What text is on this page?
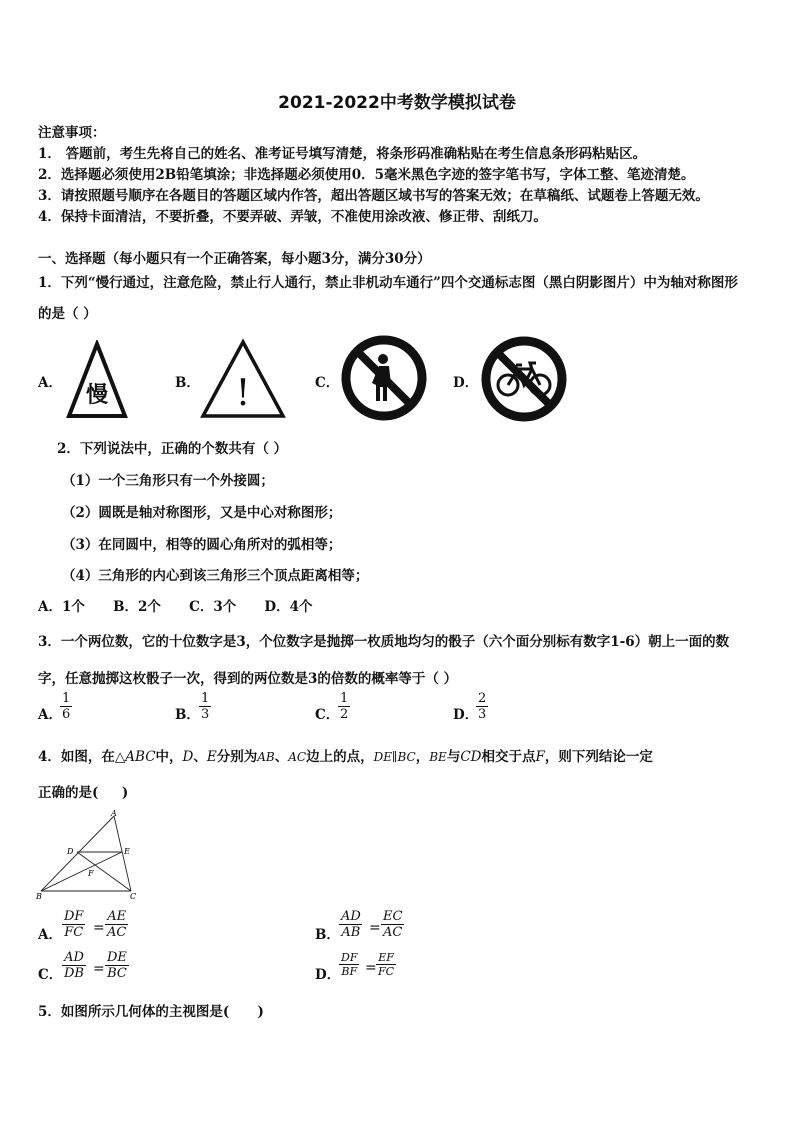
2021-2022中考数学模拟试卷
注意事项：
1． 答题前，考生先将自己的姓名、准考证号填写清楚，将条形码准确粘贴在考生信息条形码粘贴区。
2．选择题必须使用2B铅笔填涂；非选择题必须使用0．5毫米黑色字迹的签字笔书写，字体工整、笔迹清楚。
3．请按照题号顺序在各题目的答题区域内作答，超出答题区域书写的答案无效；在草稿纸、试题卷上答题无效。
4．保持卡面清洁，不要折叠，不要弄破、弄皱，不准使用涂改液、修正带、刮纸刀。
一、选择题（每小题只有一个正确答案，每小题3分，满分30分）
1．下列“慢行通过，注意危险，禁止行人通行，禁止非机动车通行”四个交通标志图（黑白阴影图片）中为轴对称图形
的是（ ）
A． 慢	B． !	C．	D．
2．下列说法中，正确的个数共有（ ）
（1）一个三角形只有一个外接圆；
（2）圆既是轴对称图形，又是中心对称图形；
（3）在同圆中，相等的圆心角所对的弧相等；
（4）三角形的内心到该三角形三个顶点距离相等；
A．1个      B．2个      C．3个      D．4个
3．一个两位数，它的十位数字是3，个位数字是抛掷一枚质地均匀的骰子（六个面分别标有数字1-6）朝上一面的数
字，任意抛掷这枚骰子一次，得到的两位数是3的倍数的概率等于（ ）
A．
$\frac{1}{6}$	B． $\frac{1}{3}$	C．
$\frac{1}{2}$	D．
$\frac{2}{3}$
4．如图，在△ABC中，D、E分别为AB、AC边上的点，DE∥BC，BE与CD相交于点F，则下列结论一定
正确的是(     )
A
D	E
F
B	C
A． $\frac{DF}{FC} = \frac{AE}{AC}$	B． $\frac{AD}{AB} = \frac{EC}{AC}$
C． $\frac{AD}{DB} = \frac{DE}{BC}$	D．
$\frac{DF}{BF} = \frac{EF}{FC}$
5．如图所示几何体的主视图是(      )
